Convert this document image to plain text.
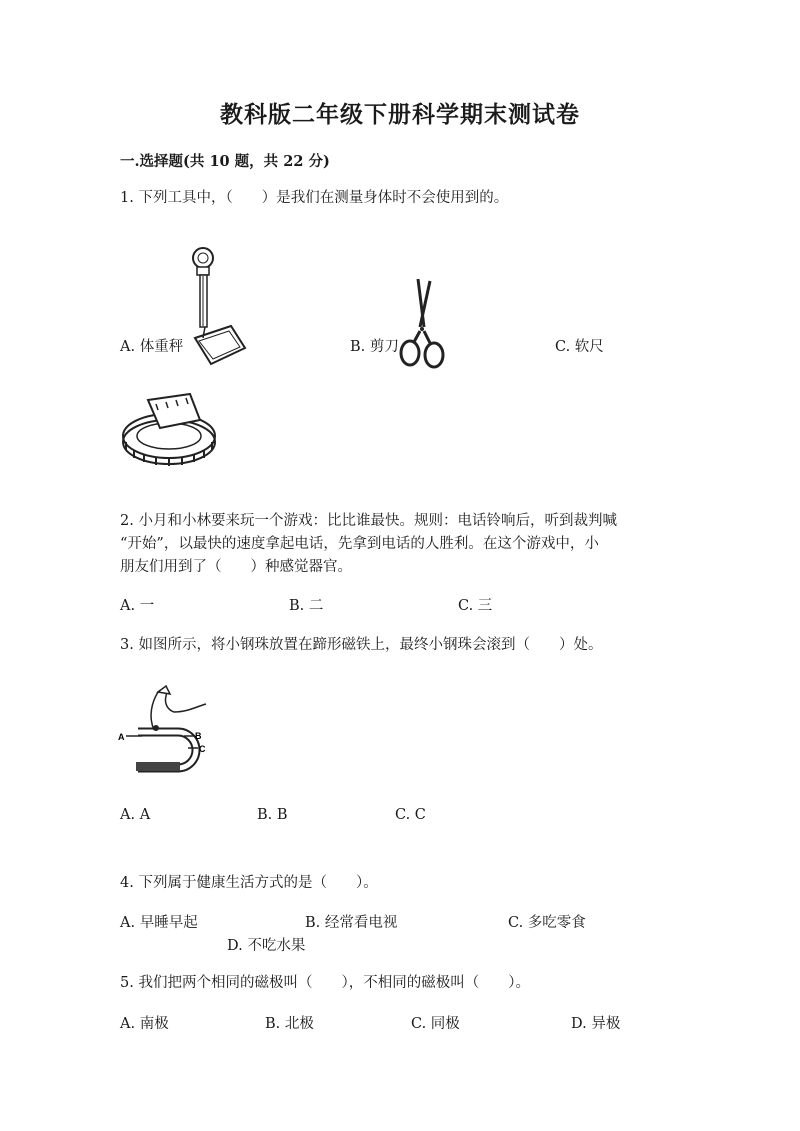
教科版二年级下册科学期末测试卷
一.选择题(共 10 题，共 22 分)
1. 下列工具中，（　　）是我们在测量身体时不会使用到的。
A. 体重秤	B. 剪刀	C. 软尺
2. 小月和小林要来玩一个游戏：比比谁最快。规则：电话铃响后，听到裁判喊
“开始”，以最快的速度拿起电话，先拿到电话的人胜利。在这个游戏中，小
朋友们用到了（　　）种感觉器官。
A. 一	B. 二	C. 三
3. 如图所示，将小钢珠放置在蹄形磁铁上，最终小钢珠会滚到（　　）处。
A	B
C
A. A	B. B	C. C
4. 下列属于健康生活方式的是（　　）。
A. 早睡早起	B. 经常看电视	C. 多吃零食
D. 不吃水果
5. 我们把两个相同的磁极叫（　　），不相同的磁极叫（　　）。
A. 南极	B. 北极	C. 同极	D. 异极
